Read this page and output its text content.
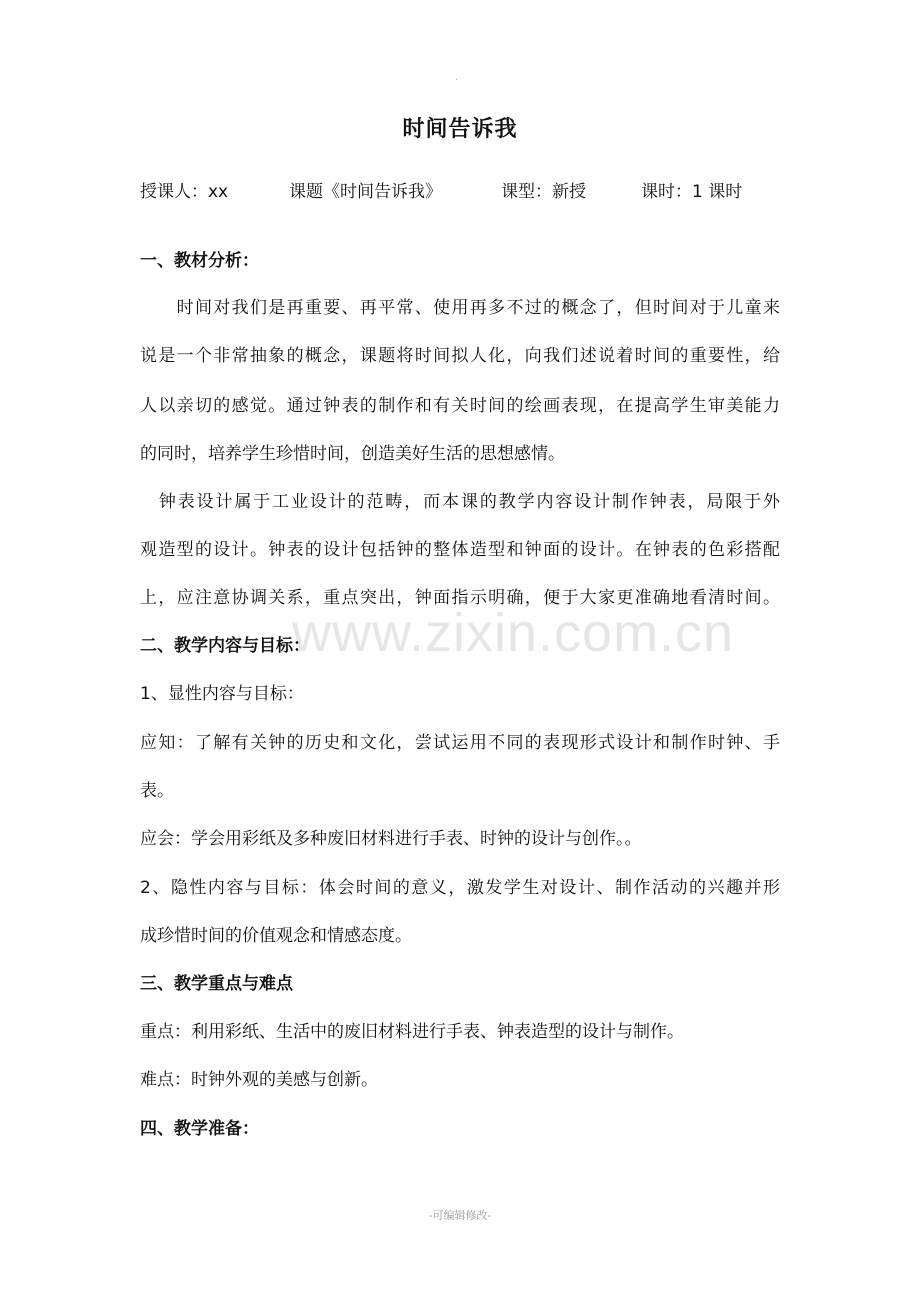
www.zixin.com.cn
.
时间告诉我
授课人：xx	课题《时间告诉我》	课型：新授	课时：1 课时
一、教材分析：
　　时间对我们是再重要、再平常、使用再多不过的概念了，但时间对于儿童来
说是一个非常抽象的概念，课题将时间拟人化，向我们述说着时间的重要性，给
人以亲切的感觉。通过钟表的制作和有关时间的绘画表现，在提高学生审美能力
的同时，培养学生珍惜时间，创造美好生活的思想感情。
　钟表设计属于工业设计的范畴，而本课的教学内容设计制作钟表，局限于外
观造型的设计。钟表的设计包括钟的整体造型和钟面的设计。在钟表的色彩搭配
上，应注意协调关系，重点突出，钟面指示明确，便于大家更准确地看清时间。
二、教学内容与目标：
1、显性内容与目标：
应知：了解有关钟的历史和文化，尝试运用不同的表现形式设计和制作时钟、手
表。
应会：学会用彩纸及多种废旧材料进行手表、时钟的设计与创作。。
2、隐性内容与目标：体会时间的意义，激发学生对设计、制作活动的兴趣并形
成珍惜时间的价值观念和情感态度。
三、教学重点与难点
重点：利用彩纸、生活中的废旧材料进行手表、钟表造型的设计与制作。
难点：时钟外观的美感与创新。
四、教学准备：
-可编辑修改-
